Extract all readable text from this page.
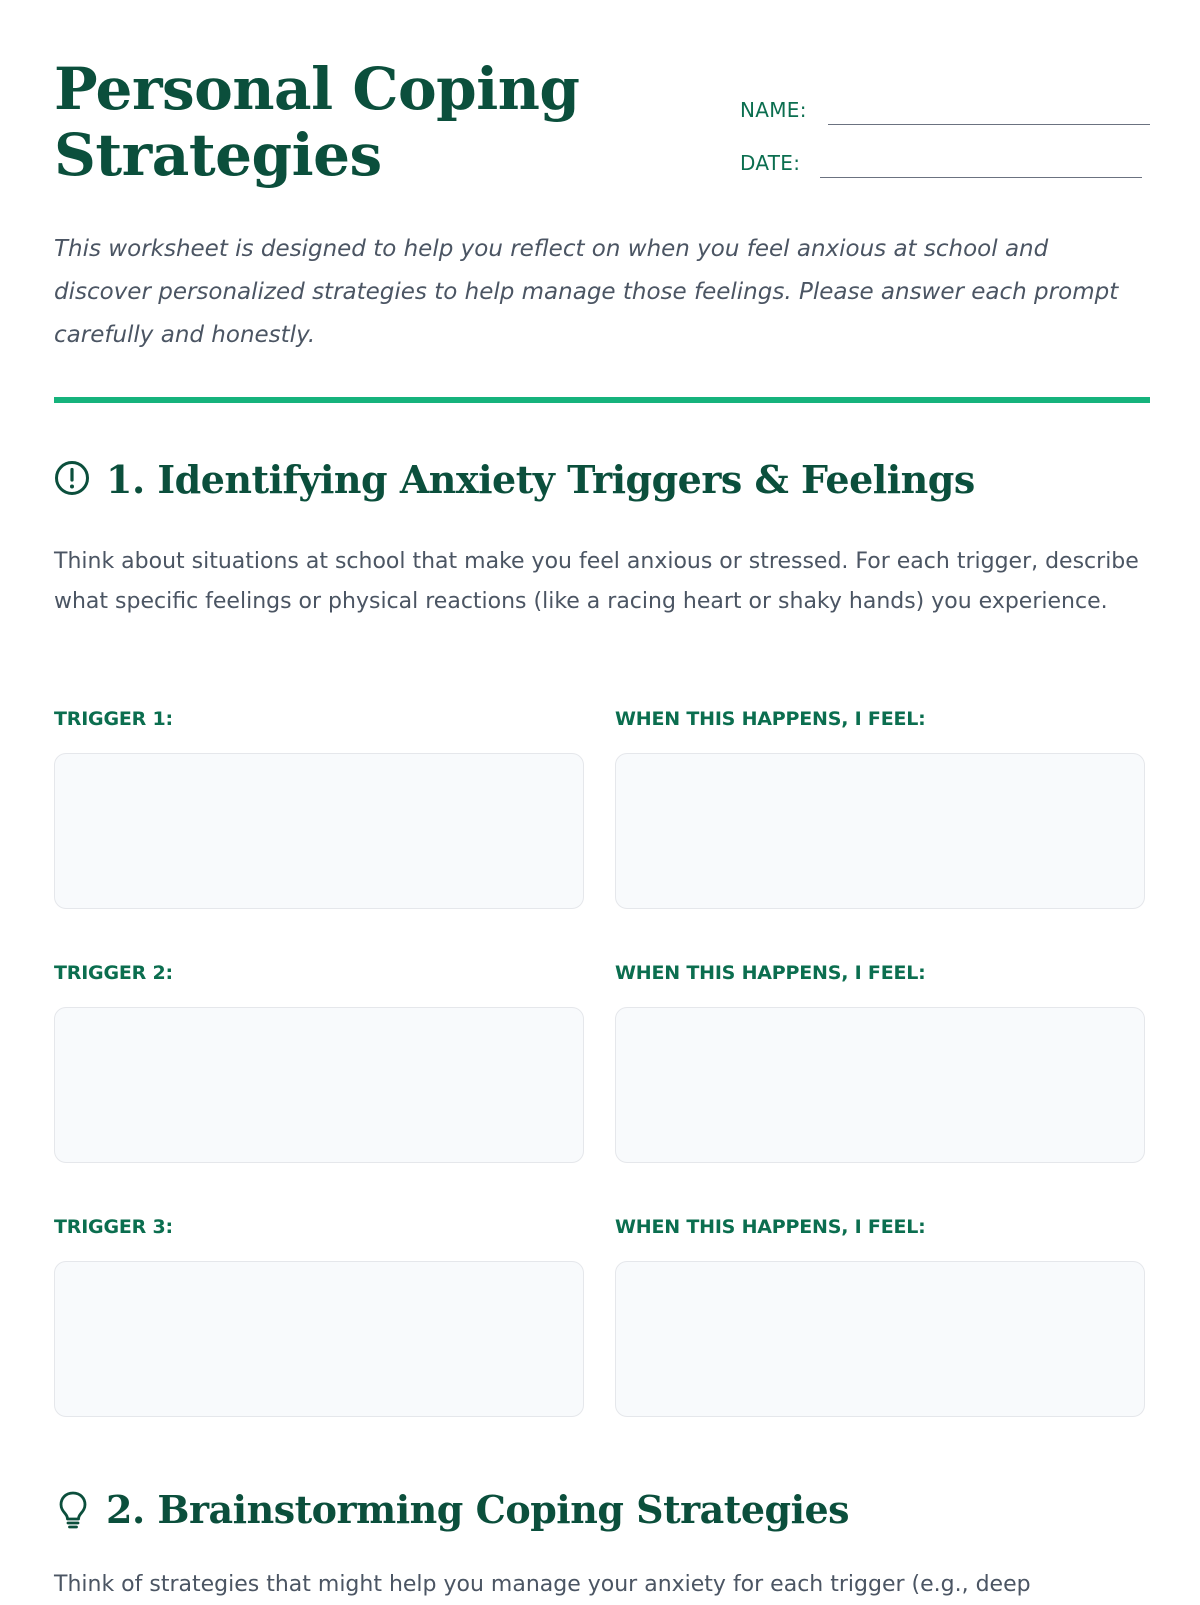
Personal Coping
Strategies
NAME:
DATE:

This worksheet is designed to help you reflect on when you feel anxious at school and discover personalized strategies to help manage those feelings. Please answer each prompt carefully and honestly.

1. Identifying Anxiety Triggers & Feelings

Think about situations at school that make you feel anxious or stressed. For each trigger, describe what specific feelings or physical reactions (like a racing heart or shaky hands) you experience.

TRIGGER 1:	WHEN THIS HAPPENS, I FEEL:
TRIGGER 2:	WHEN THIS HAPPENS, I FEEL:
TRIGGER 3:	WHEN THIS HAPPENS, I FEEL:
2. Brainstorming Coping Strategies

Think of strategies that might help you manage your anxiety for each trigger (e.g., deep
